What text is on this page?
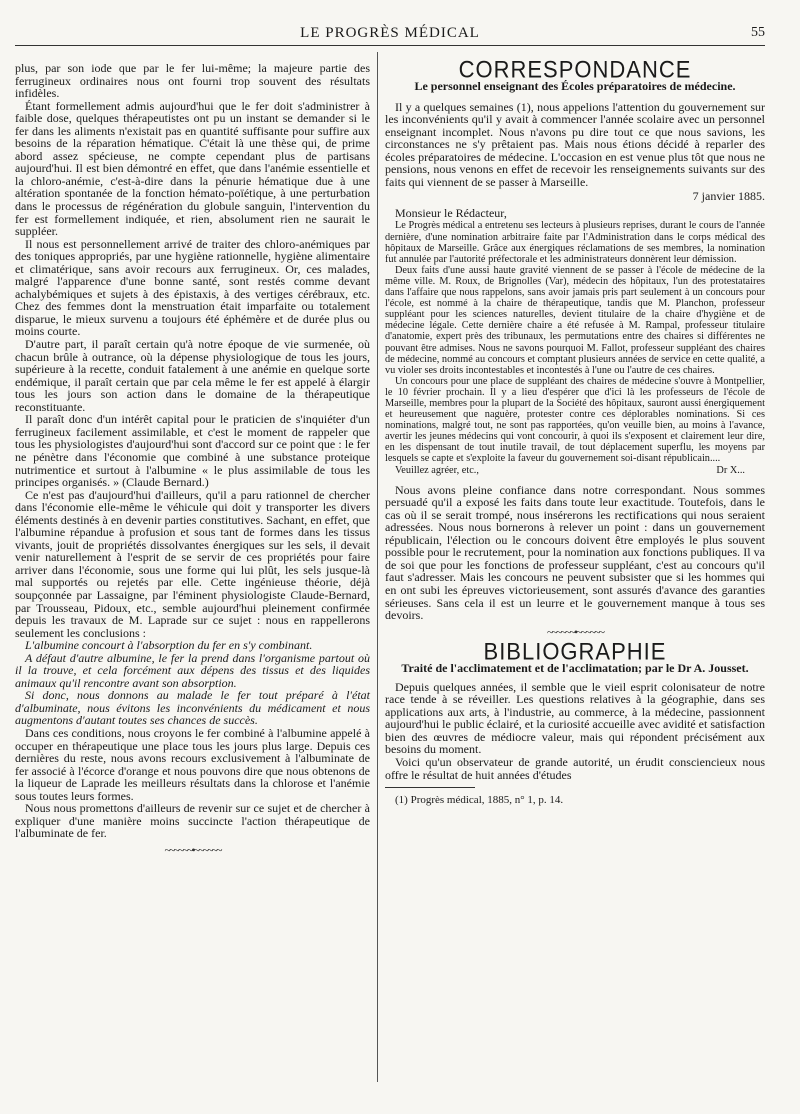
LE PROGRÈS MÉDICAL	55

plus, par son iode que par le fer lui-même; la majeure partie des ferrugineux ordinaires nous ont fourni trop souvent des résultats infidèles.

Étant formellement admis aujourd'hui que le fer doit s'administrer à faible dose, quelques thérapeutistes ont pu un instant se demander si le fer dans les aliments n'existait pas en quantité suffisante pour suffire aux besoins de la réparation hématique. C'était là une thèse qui, de prime abord assez spécieuse, ne compte cependant plus de partisans aujourd'hui. Il est bien démontré en effet, que dans l'anémie essentielle et la chloro-anémie, c'est-à-dire dans la pénurie hématique due à une altération spontanée de la fonction hémato-poïétique, à une perturbation dans le processus de régénération du globule sanguin, l'intervention du fer est formellement indiquée, et rien, absolument rien ne saurait le suppléer.

Il nous est personnellement arrivé de traiter des chloro-anémiques par des toniques appropriés, par une hygiène rationnelle, hygiène alimentaire et climatérique, sans avoir recours aux ferrugineux. Or, ces malades, malgré l'apparence d'une bonne santé, sont restés comme devant achalybémiques et sujets à des épistaxis, à des vertiges cérébraux, etc. Chez des femmes dont la menstruation était imparfaite ou totalement disparue, le mieux survenu a toujours été éphémère et de durée plus ou moins courte.

D'autre part, il paraît certain qu'à notre époque de vie surmenée, où chacun brûle à outrance, où la dépense physiologique de tous les jours, supérieure à la recette, conduit fatalement à une anémie en quelque sorte endémique, il paraît certain que par cela même le fer est appelé à élargir tous les jours son action dans le domaine de la thérapeutique reconstituante.

Il paraît donc d'un intérêt capital pour le praticien de s'inquiéter d'un ferrugineux facilement assimilable, et c'est le moment de rappeler que tous les physiologistes d'aujourd'hui sont d'accord sur ce point que : le fer ne pénètre dans l'économie que combiné à une substance proteique nutrimentice et surtout à l'albumine « le plus assimilable de tous les principes organisés. » (Claude Bernard.)

Ce n'est pas d'aujourd'hui d'ailleurs, qu'il a paru rationnel de chercher dans l'économie elle-même le véhicule qui doit y transporter les divers éléments destinés à en devenir parties constitutives. Sachant, en effet, que l'albumine répandue à profusion et sous tant de formes dans les tissus vivants, jouit de propriétés dissolvantes énergiques sur les sels, il devait venir naturellement à l'esprit de se servir de ces propriétés pour faire arriver dans l'économie, sous une forme qui lui plût, les sels jusque-là mal supportés ou rejetés par elle. Cette ingénieuse théorie, déjà soupçonnée par Lassaigne, par l'éminent physiologiste Claude-Bernard, par Trousseau, Pidoux, etc., semble aujourd'hui pleinement confirmée depuis les travaux de M. Laprade sur ce sujet : nous en rappellerons seulement les conclusions :

L'albumine concourt à l'absorption du fer en s'y combinant.

A défaut d'autre albumine, le fer la prend dans l'organisme partout où il la trouve, et cela forcément aux dépens des tissus et des liquides animaux qu'il rencontre avant son absorption.

Si donc, nous donnons au malade le fer tout préparé à l'état d'albuminate, nous évitons les inconvénients du médicament et nous augmentons d'autant toutes ses chances de succès.

Dans ces conditions, nous croyons le fer combiné à l'albumine appelé à occuper en thérapeutique une place tous les jours plus large. Depuis ces dernières du reste, nous avons recours exclusivement à l'albuminate de fer associé à l'écorce d'orange et nous pouvons dire que nous obtenons de la liqueur de Laprade les meilleurs résultats dans la chlorose et l'anémie sous toutes leurs formes.

Nous nous promettons d'ailleurs de revenir sur ce sujet et de chercher à expliquer d'une manière moins succincte l'action thérapeutique de l'albuminate de fer.

~~~~~~•~~~~~~
CORRESPONDANCE
Le personnel enseignant des Écoles préparatoires de médecine.

Il y a quelques semaines (1), nous appelions l'attention du gouvernement sur les inconvénients qu'il y avait à commencer l'année scolaire avec un personnel enseignant incomplet. Nous n'avons pu dire tout ce que nous savions, les circonstances ne s'y prêtaient pas. Mais nous étions décidé à reparler des écoles préparatoires de médecine. L'occasion en est venue plus tôt que nous ne pensions, nous venons en effet de recevoir les renseignements suivants sur des faits qui viennent de se passer à Marseille.

7 janvier 1885.
Monsieur le Rédacteur,

Le Progrès médical a entretenu ses lecteurs à plusieurs reprises, durant le cours de l'année dernière, d'une nomination arbitraire faite par l'Administration dans le corps médical des hôpitaux de Marseille. Grâce aux énergiques réclamations de ses membres, la nomination fut annulée par l'autorité préfectorale et les administrateurs donnèrent leur démission.

Deux faits d'une aussi haute gravité viennent de se passer à l'école de médecine de la même ville. M. Roux, de Brignolles (Var), médecin des hôpitaux, l'un des protestataires dans l'affaire que nous rappelons, sans avoir jamais pris part seulement à un concours pour l'école, est nommé à la chaire de thérapeutique, tandis que M. Planchon, professeur suppléant pour les sciences naturelles, devient titulaire de la chaire d'hygiène et de médecine légale. Cette dernière chaire a été refusée à M. Rampal, professeur titulaire d'anatomie, expert près des tribunaux, les permutations entre des chaires si différentes ne pouvant être admises. Nous ne savons pourquoi M. Fallot, professeur suppléant des chaires de médecine, nommé au concours et comptant plusieurs années de service en cette qualité, a vu violer ses droits incontestables et incontestés à l'une ou l'autre de ces chaires.

Un concours pour une place de suppléant des chaires de médecine s'ouvre à Montpellier, le 10 février prochain. Il y a lieu d'espérer que d'ici là les professeurs de l'école de Marseille, membres pour la plupart de la Société des hôpitaux, sauront aussi énergiquement et heureusement que naguère, protester contre ces déplorables nominations. Si ces nominations, malgré tout, ne sont pas rapportées, qu'on veuille bien, au moins à l'avance, avertir les jeunes médecins qui vont concourir, à quoi ils s'exposent et clairement leur dire, en les dispensant de tout inutile travail, de tout déplacement superflu, les moyens par lesquels se capte et s'exploite la faveur du gouvernement soi-disant républicain....

Veuillez agréer, etc.,	Dr X...

Nous avons pleine confiance dans notre correspondant. Nous sommes persuadé qu'il a exposé les faits dans toute leur exactitude. Toutefois, dans le cas où il se serait trompé, nous insérerons les rectifications qui nous seraient adressées. Nous nous bornerons à relever un point : dans un gouvernement républicain, l'élection ou le concours doivent être employés le plus souvent possible pour le recrutement, pour la nomination aux fonctions publiques. Il va de soi que pour les fonctions de professeur suppléant, c'est au concours qu'il faut s'adresser. Mais les concours ne peuvent subsister que si les hommes qui en ont subi les épreuves victorieusement, sont assurés d'avance des garanties sérieuses. Sans cela il est un leurre et le gouvernement manque à tous ses devoirs.

~~~~~~•~~~~~~
BIBLIOGRAPHIE
Traité de l'acclimatement et de l'acclimatation; par le Dr A. Jousset.

Depuis quelques années, il semble que le vieil esprit colonisateur de notre race tende à se réveiller. Les questions relatives à la géographie, dans ses applications aux arts, à l'industrie, au commerce, à la médecine, passionnent aujourd'hui le public éclairé, et la curiosité accueille avec avidité et satisfaction bien des œuvres de médiocre valeur, mais qui répondent précisément aux besoins du moment.

Voici qu'un observateur de grande autorité, un érudit consciencieux nous offre le résultat de huit années d'études

(1) Progrès médical, 1885, n° 1, p. 14.
